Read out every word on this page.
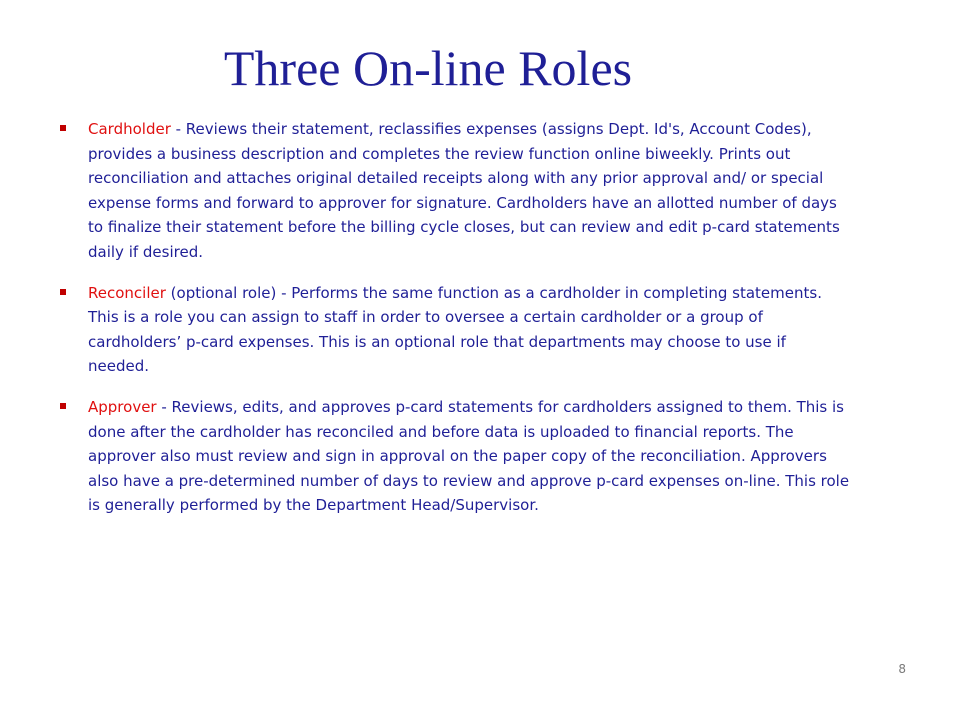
Three On-line Roles
Cardholder - Reviews their statement, reclassifies expenses (assigns Dept. Id's, Account Codes), provides a business description and completes the review function online biweekly. Prints out reconciliation and attaches original detailed receipts along with any prior approval and/ or special expense forms and forward to approver for signature. Cardholders have an allotted number of days to finalize their statement before the billing cycle closes, but can review and edit p-card statements daily if desired.
Reconciler (optional role) - Performs the same function as a cardholder in completing statements. This is a role you can assign to staff in order to oversee a certain cardholder or a group of cardholders’ p-card expenses. This is an optional role that departments may choose to use if needed.
Approver - Reviews, edits, and approves p-card statements for cardholders assigned to them. This is done after the cardholder has reconciled and before data is uploaded to financial reports. The approver also must review and sign in approval on the paper copy of the reconciliation. Approvers also have a pre-determined number of days to review and approve p-card expenses on-line. This role is generally performed by the Department Head/Supervisor.
8
